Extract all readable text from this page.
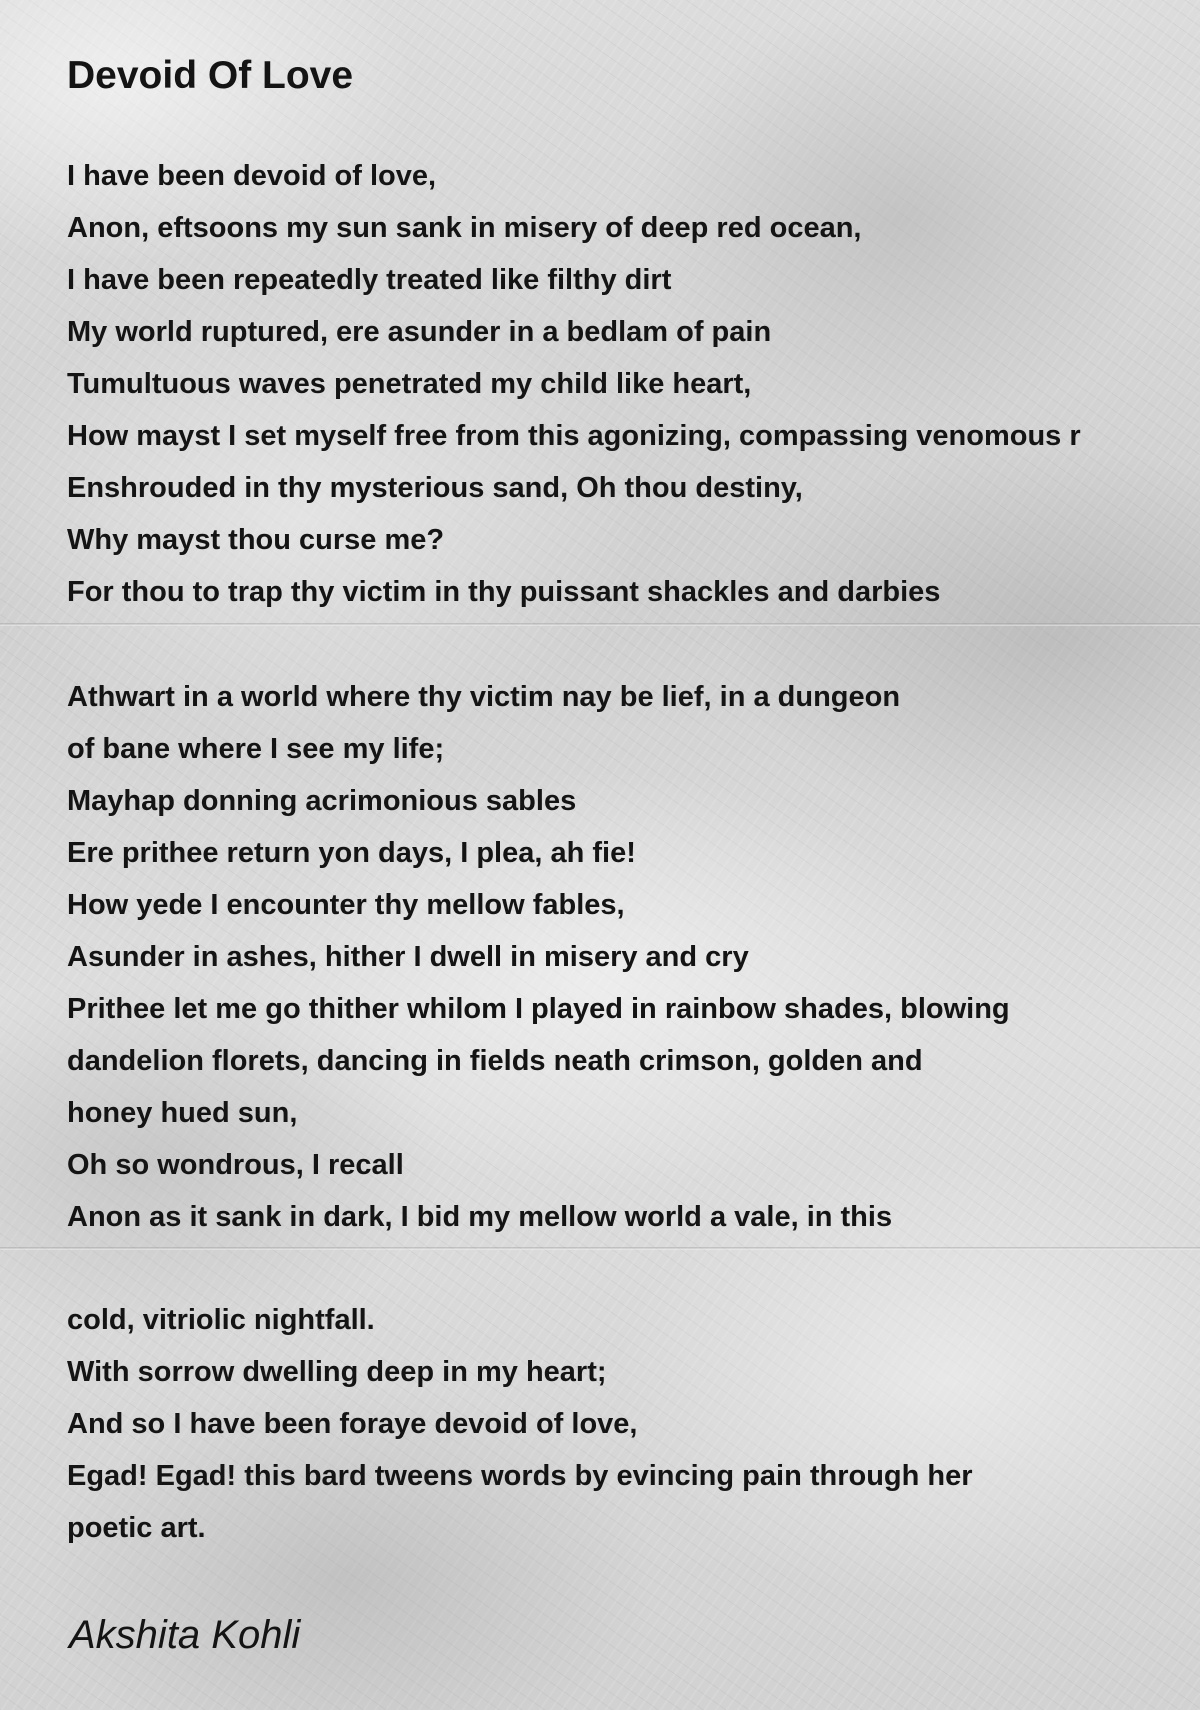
Devoid Of Love
I have been devoid of love,
Anon, eftsoons my sun sank in misery of deep red ocean,
I have been repeatedly treated like filthy dirt
My world ruptured, ere asunder in a bedlam of pain
Tumultuous waves penetrated my child like heart,
How mayst I set myself free from this agonizing, compassing venomous r
Enshrouded in thy mysterious sand, Oh thou destiny,
Why mayst thou curse me?
For thou to trap thy victim in thy puissant shackles and darbies
Athwart in a world where thy victim nay be lief, in a dungeon
of bane where I see my life;
Mayhap donning acrimonious sables
Ere prithee return yon days, I plea, ah fie!
How yede I encounter thy mellow fables,
Asunder in ashes, hither I dwell in misery and cry
Prithee let me go thither whilom I played in rainbow shades, blowing
dandelion florets, dancing in fields neath crimson, golden and
honey hued sun,
Oh so wondrous, I recall
Anon as it sank in dark, I bid my mellow world a vale, in this
cold, vitriolic nightfall.
With sorrow dwelling deep in my heart;
And so I have been foraye devoid of love,
Egad! Egad! this bard tweens words by evincing pain through her
poetic art.
Akshita Kohli
